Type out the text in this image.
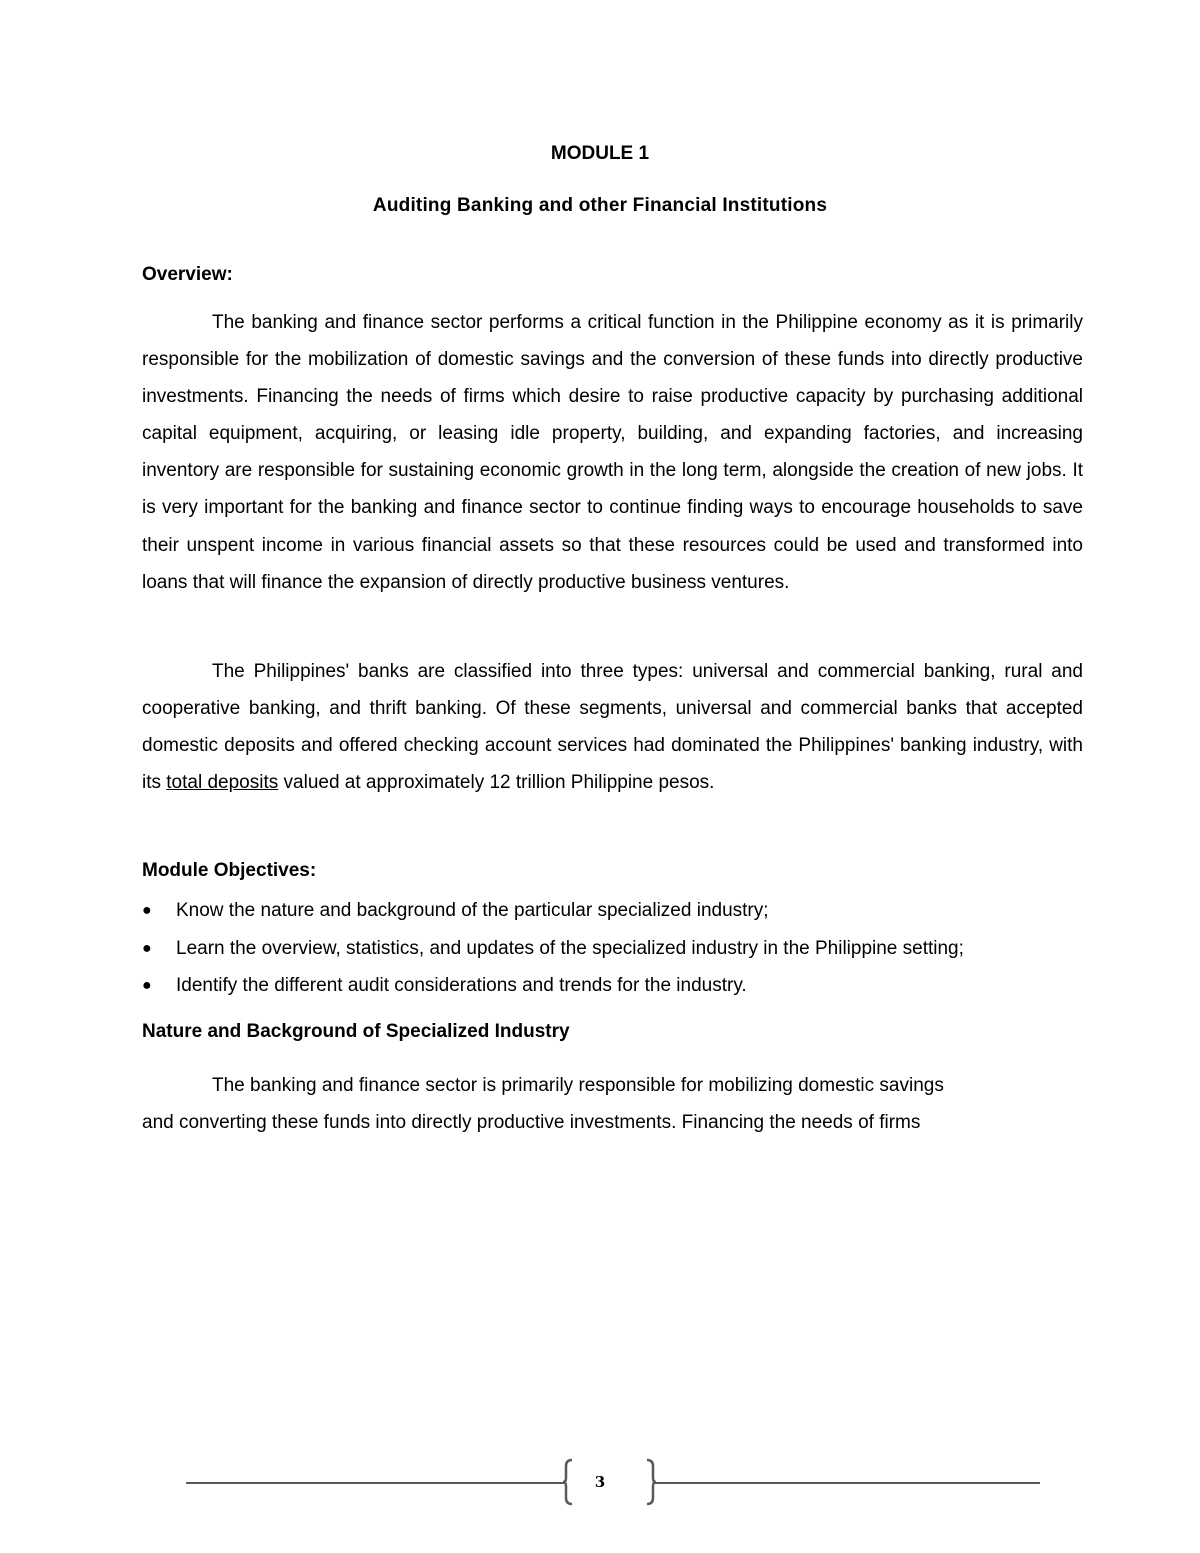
MODULE 1
Auditing Banking and other Financial Institutions
Overview:

The banking and finance sector performs a critical function in the Philippine economy as it is primarily responsible for the mobilization of domestic savings and the conversion of these funds into directly productive investments. Financing the needs of firms which desire to raise productive capacity by purchasing additional capital equipment, acquiring, or leasing idle property, building, and expanding factories, and increasing inventory are responsible for sustaining economic growth in the long term, alongside the creation of new jobs. It is very important for the banking and finance sector to continue finding ways to encourage households to save their unspent income in various financial assets so that these resources could be used and transformed into loans that will finance the expansion of directly productive business ventures.

The Philippines' banks are classified into three types: universal and commercial banking, rural and cooperative banking, and thrift banking. Of these segments, universal and commercial banks that accepted domestic deposits and offered checking account services had dominated the Philippines' banking industry, with its total deposits valued at approximately 12 trillion Philippine pesos.

Module Objectives:
● Know the nature and background of the particular specialized industry;
● Learn the overview, statistics, and updates of the specialized industry in the Philippine setting;
● Identify the different audit considerations and trends for the industry.
Nature and Background of Specialized Industry

The banking and finance sector is primarily responsible for mobilizing domestic savings
and converting these funds into directly productive investments. Financing the needs of firms

3
